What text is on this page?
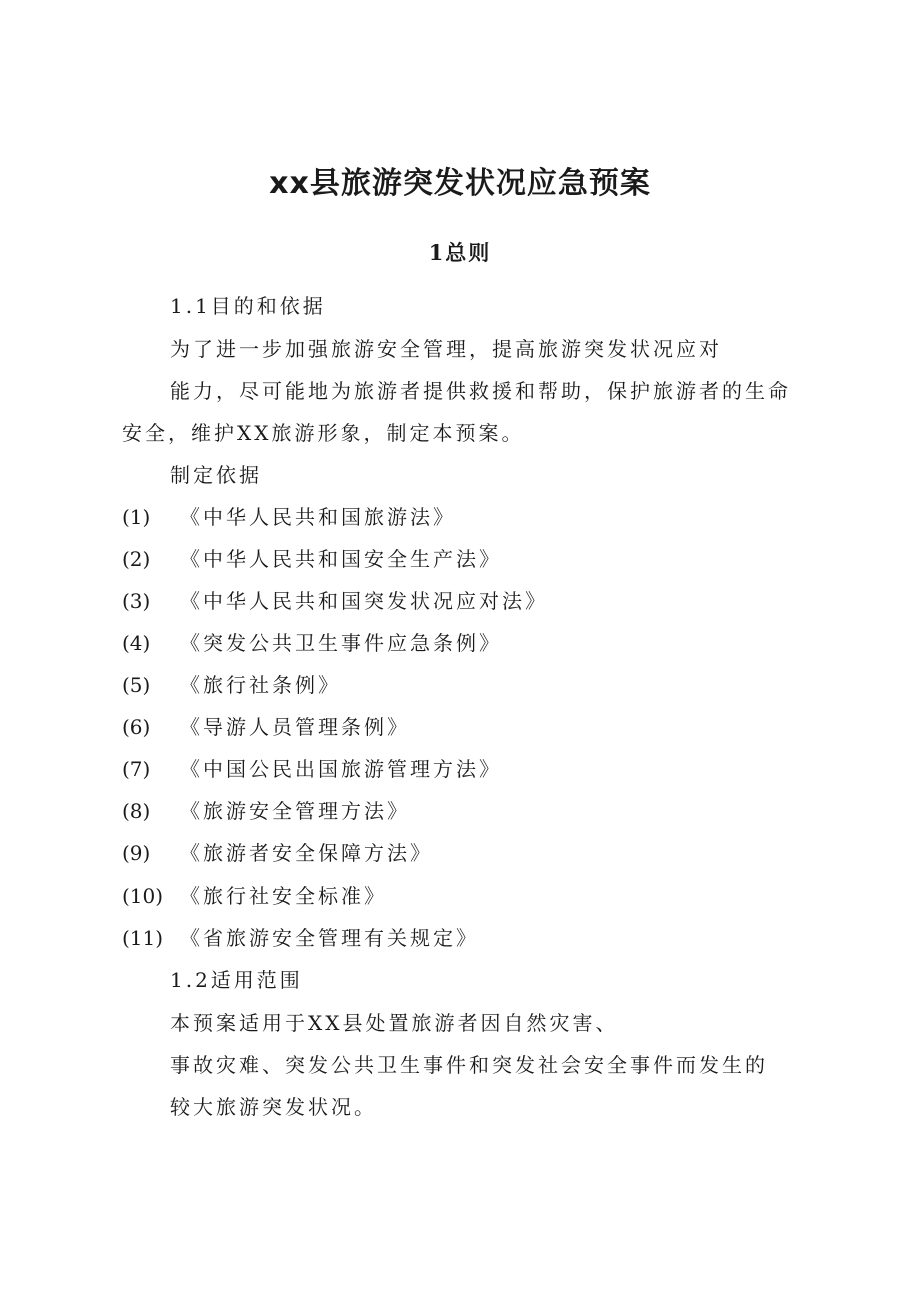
xx县旅游突发状况应急预案
1总则

1.1目的和依据

为了进一步加强旅游安全管理，提高旅游突发状况应对

能力，尽可能地为旅游者提供救援和帮助，保护旅游者的生命

安全，维护XX旅游形象，制定本预案。

制定依据

(1) 《中华人民共和国旅游法》
(2) 《中华人民共和国安全生产法》
(3) 《中华人民共和国突发状况应对法》
(4) 《突发公共卫生事件应急条例》
(5) 《旅行社条例》
(6) 《导游人员管理条例》
(7) 《中国公民出国旅游管理方法》
(8) 《旅游安全管理方法》
(9) 《旅游者安全保障方法》
(10) 《旅行社安全标准》
(11) 《省旅游安全管理有关规定》

1.2适用范围

本预案适用于XX县处置旅游者因自然灾害、

事故灾难、突发公共卫生事件和突发社会安全事件而发生的

较大旅游突发状况。
